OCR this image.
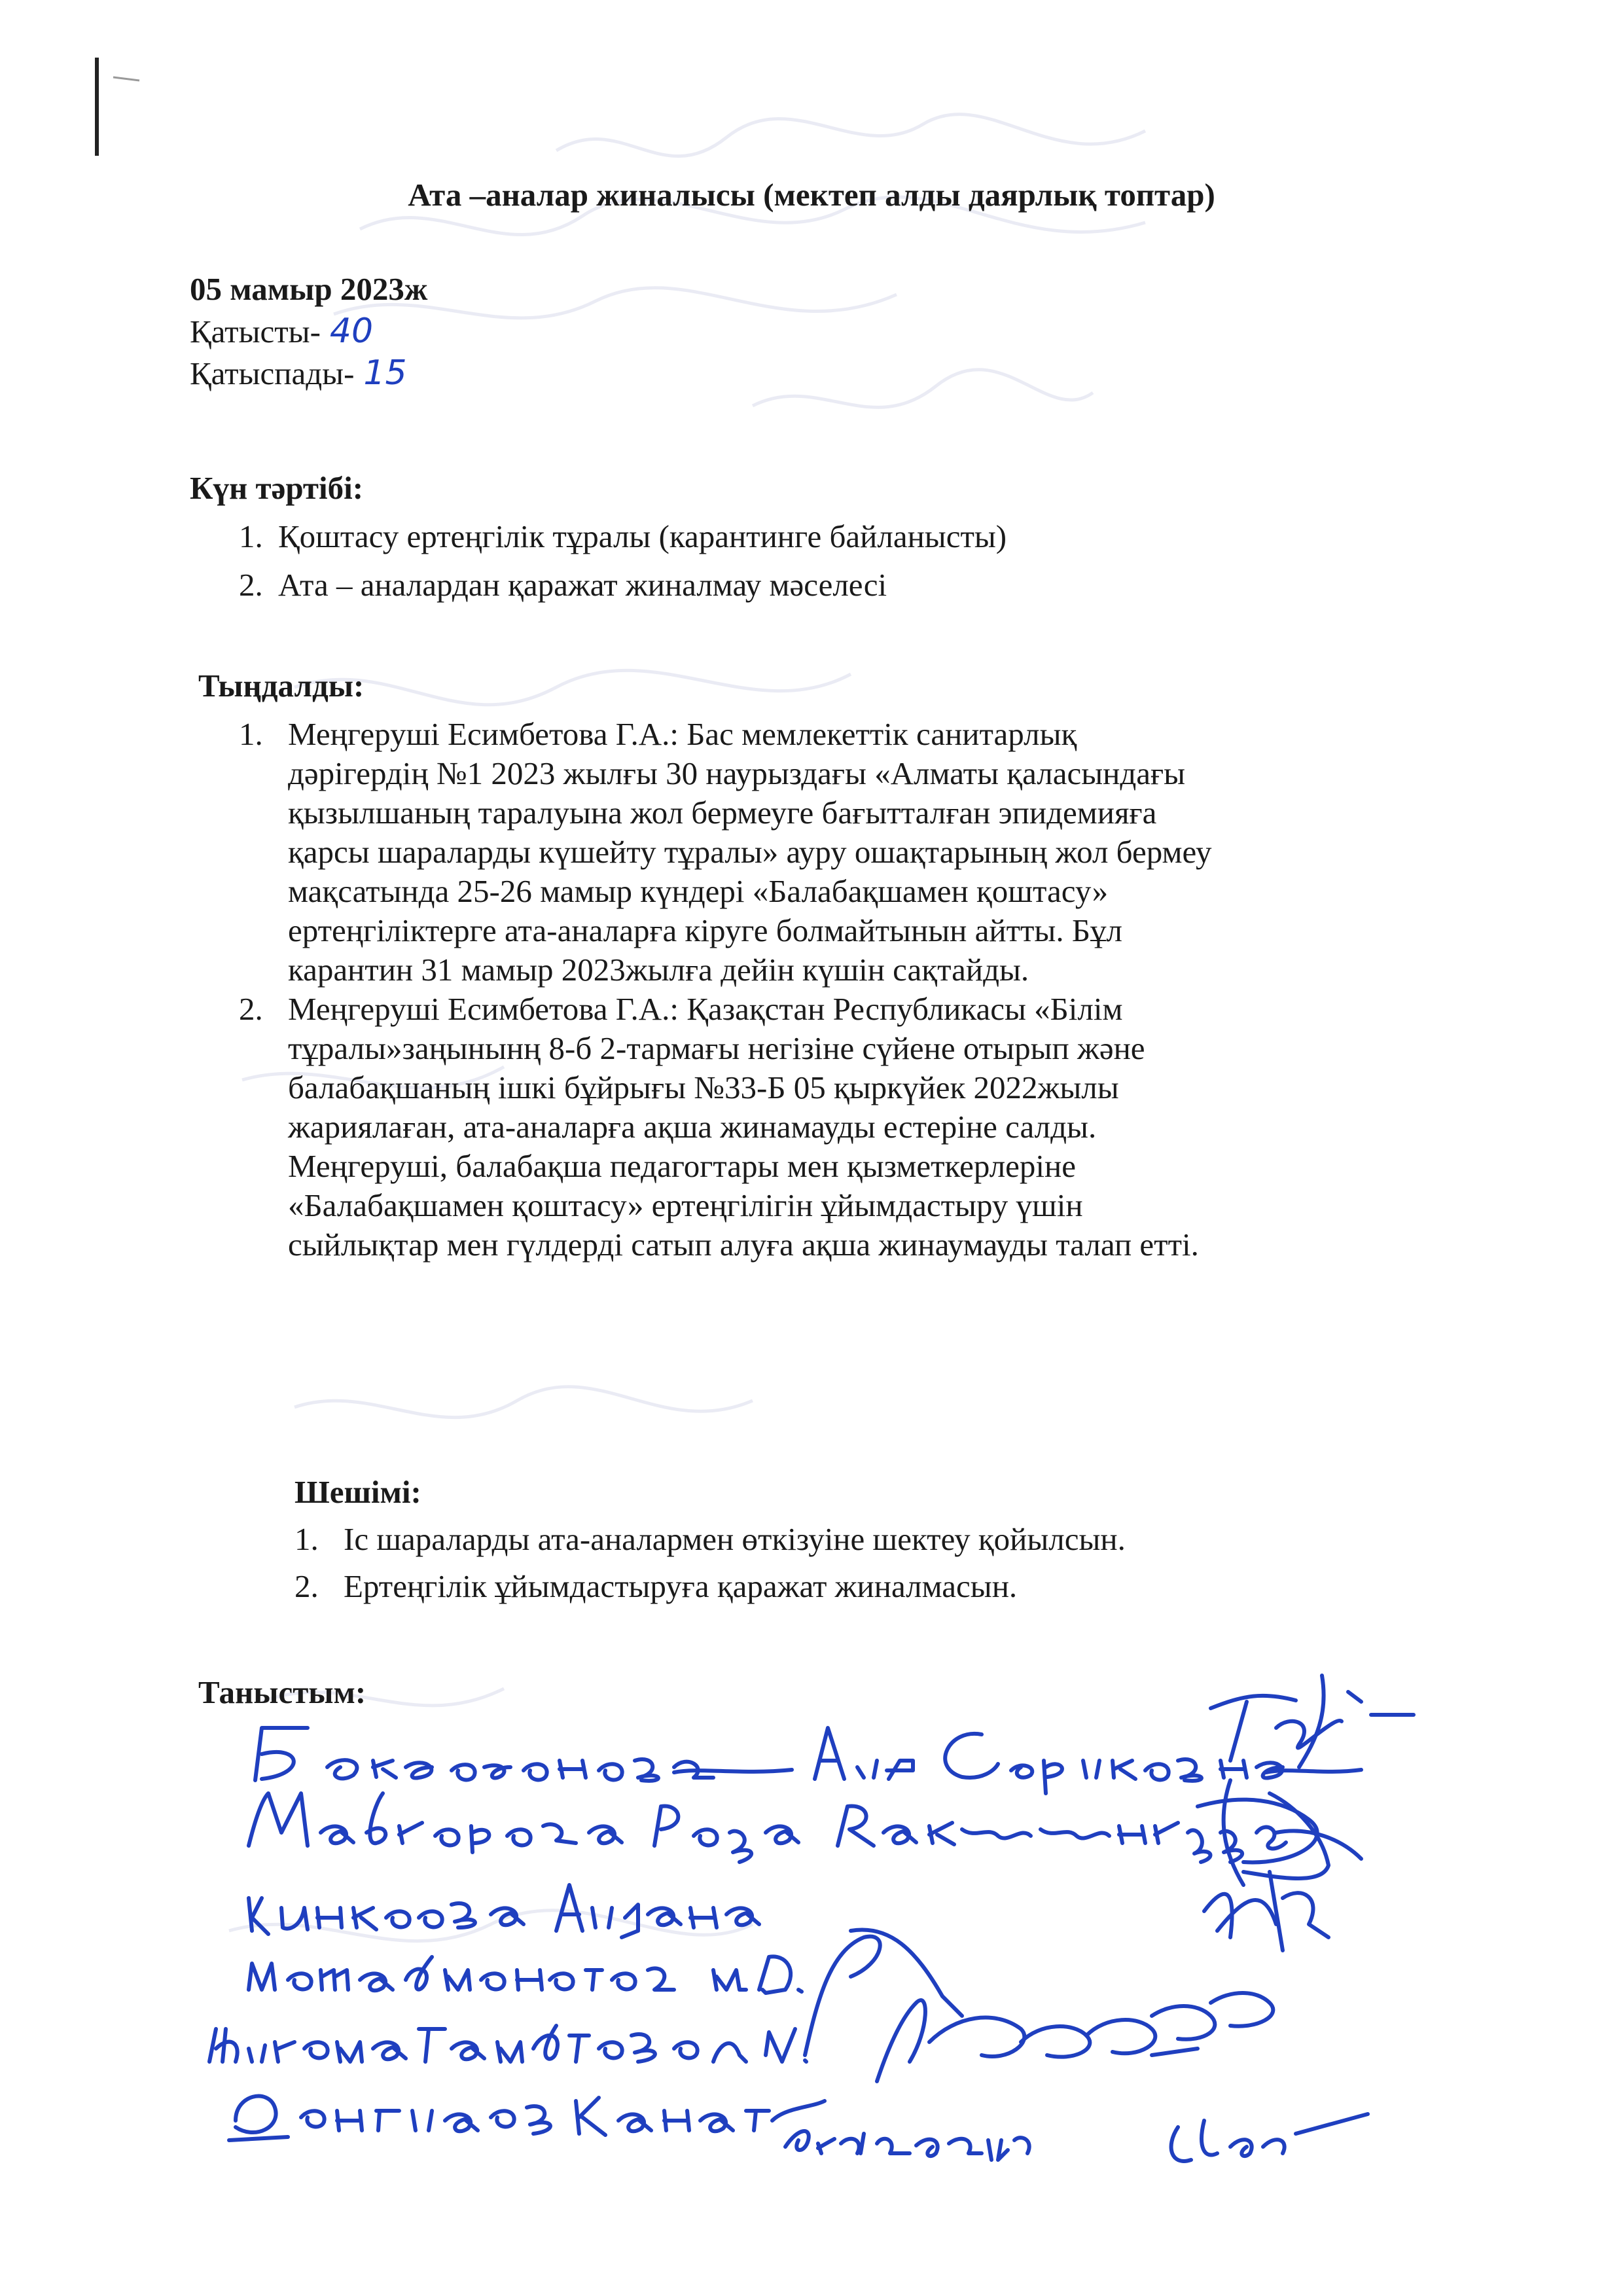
Ата –аналар жиналысы (мектеп алды даярлық топтар)
05 мамыр 2023ж
Қатысты- 40
Қатыспады- 15
Күн тәртібі:
1. Қоштасу ертеңгілік тұралы (карантинге байланысты)
2. Ата – аналардан қаражат жиналмау мәселесі
Тыңдалды:
1. Меңгеруші Есимбетова Г.А.: Бас мемлекеттік санитарлық
дәрігердің №1 2023 жылғы 30 наурыздағы «Алматы қаласындағы
қызылшаның таралуына жол бермеуге бағытталған эпидемияға
қарсы шараларды күшейту тұралы» ауру ошақтарының жол бермеу
мақсатында 25-26 мамыр күндері «Балабақшамен қоштасу»
ертеңгіліктерге ата-аналарға кіруге болмайтынын айтты. Бұл
карантин 31 мамыр 2023жылға дейін күшін сақтайды.
2. Меңгеруші Есимбетова Г.А.: Қазақстан Республикасы «Білім
тұралы»заңынынң 8-б 2-тармағы негізіне сүйене отырып және
балабақшаның ішкі бұйрығы №33-Б 05 қыркүйек 2022жылы
жариялаған, ата-аналарға ақша жинамауды естеріне салды.
Меңгеруші, балабақша педагогтары мен қызметкерлеріне
«Балабақшамен қоштасу» ертеңгілігін ұйымдастыру үшін
сыйлықтар мен гүлдерді сатып алуға ақша жинаумауды талап етті.
Шешімі:
1. Іс шараларды ата-аналармен өткізуіне шектеу қойылсын.
2. Ертеңгілік ұйымдастыруға қаражат жиналмасын.
Таныстым:
